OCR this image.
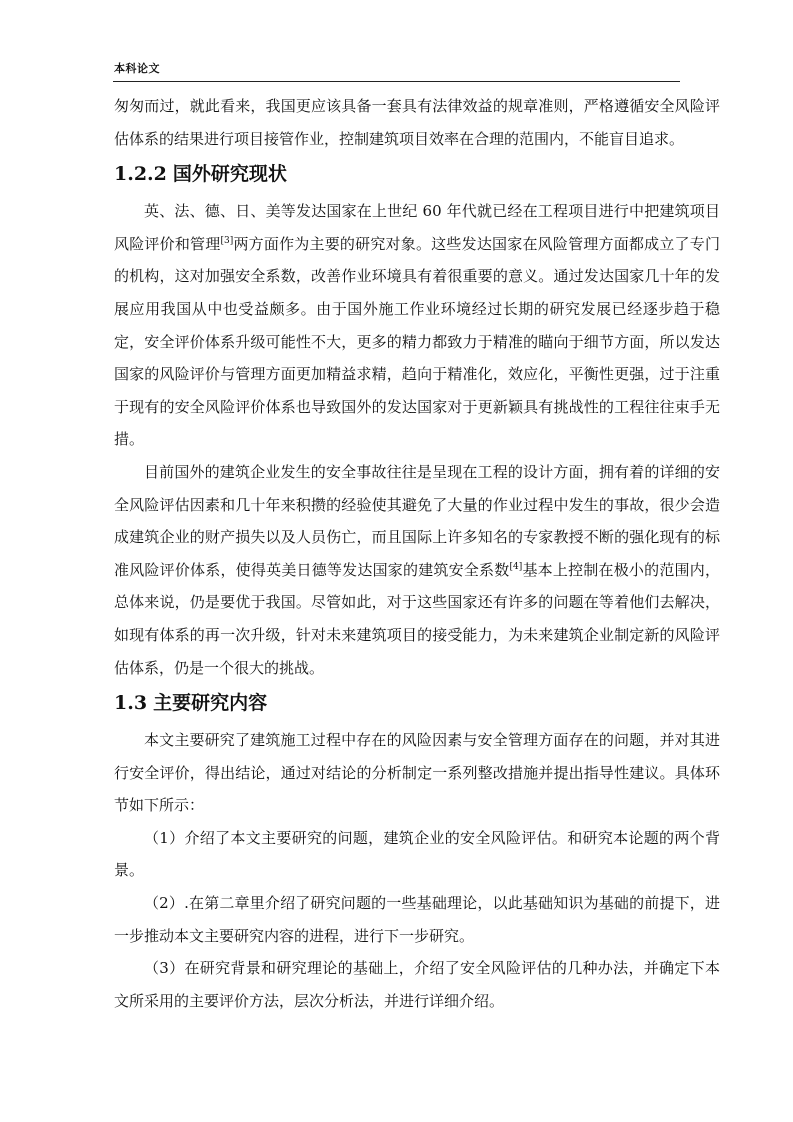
本科论文

匆匆而过，就此看来，我国更应该具备一套具有法律效益的规章准则，严格遵循安全风险评估体系的结果进行项目接管作业，控制建筑项目效率在合理的范围内，不能盲目追求。

1.2.2 国外研究现状

英、法、德、日、美等发达国家在上世纪 60 年代就已经在工程项目进行中把建筑项目风险评价和管理[3]两方面作为主要的研究对象。这些发达国家在风险管理方面都成立了专门的机构，这对加强安全系数，改善作业环境具有着很重要的意义。通过发达国家几十年的发展应用我国从中也受益颇多。由于国外施工作业环境经过长期的研究发展已经逐步趋于稳定，安全评价体系升级可能性不大，更多的精力都致力于精准的瞄向于细节方面，所以发达国家的风险评价与管理方面更加精益求精，趋向于精准化，效应化，平衡性更强，过于注重于现有的安全风险评价体系也导致国外的发达国家对于更新颖具有挑战性的工程往往束手无措。

目前国外的建筑企业发生的安全事故往往是呈现在工程的设计方面，拥有着的详细的安全风险评估因素和几十年来积攒的经验使其避免了大量的作业过程中发生的事故，很少会造成建筑企业的财产损失以及人员伤亡，而且国际上许多知名的专家教授不断的强化现有的标准风险评价体系，使得英美日德等发达国家的建筑安全系数[4]基本上控制在极小的范围内，总体来说，仍是要优于我国。尽管如此，对于这些国家还有许多的问题在等着他们去解决，如现有体系的再一次升级，针对未来建筑项目的接受能力，为未来建筑企业制定新的风险评估体系，仍是一个很大的挑战。

1.3 主要研究内容

本文主要研究了建筑施工过程中存在的风险因素与安全管理方面存在的问题，并对其进行安全评价，得出结论，通过对结论的分析制定一系列整改措施并提出指导性建议。具体环节如下所示：

（1）介绍了本文主要研究的问题，建筑企业的安全风险评估。和研究本论题的两个背景。

（2）.在第二章里介绍了研究问题的一些基础理论，以此基础知识为基础的前提下，进一步推动本文主要研究内容的进程，进行下一步研究。

（3）在研究背景和研究理论的基础上，介绍了安全风险评估的几种办法，并确定下本文所采用的主要评价方法，层次分析法，并进行详细介绍。
